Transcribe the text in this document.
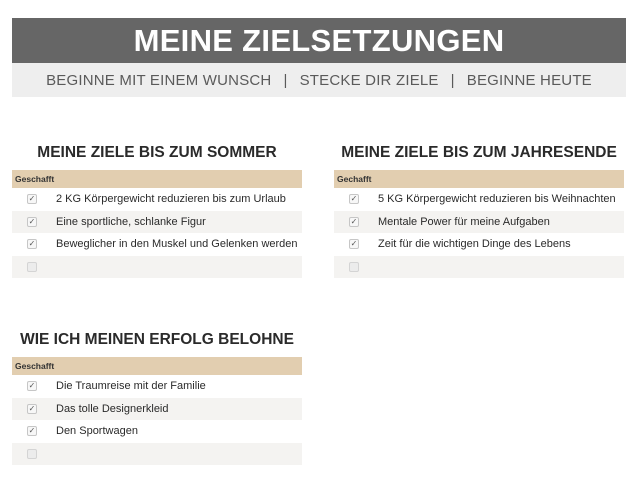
MEINE ZIELSETZUNGEN
BEGINNE MIT EINEM WUNSCH | STECKE DIR ZIELE | BEGINNE HEUTE
MEINE ZIELE BIS ZUM SOMMER
Geschafft
✓ 2 KG Körpergewicht reduzieren bis zum Urlaub
✓ Eine sportliche, schlanke Figur
✓ Beweglicher in den Muskel und Gelenken werden
MEINE ZIELE BIS ZUM JAHRESENDE
Gechafft
✓ 5 KG Körpergewicht reduzieren bis Weihnachten
✓ Mentale Power für meine Aufgaben
✓ Zeit für die wichtigen Dinge des Lebens
WIE ICH MEINEN ERFOLG BELOHNE
Geschafft
✓ Die Traumreise mit der Familie
✓ Das tolle Designerkleid
✓ Den Sportwagen
